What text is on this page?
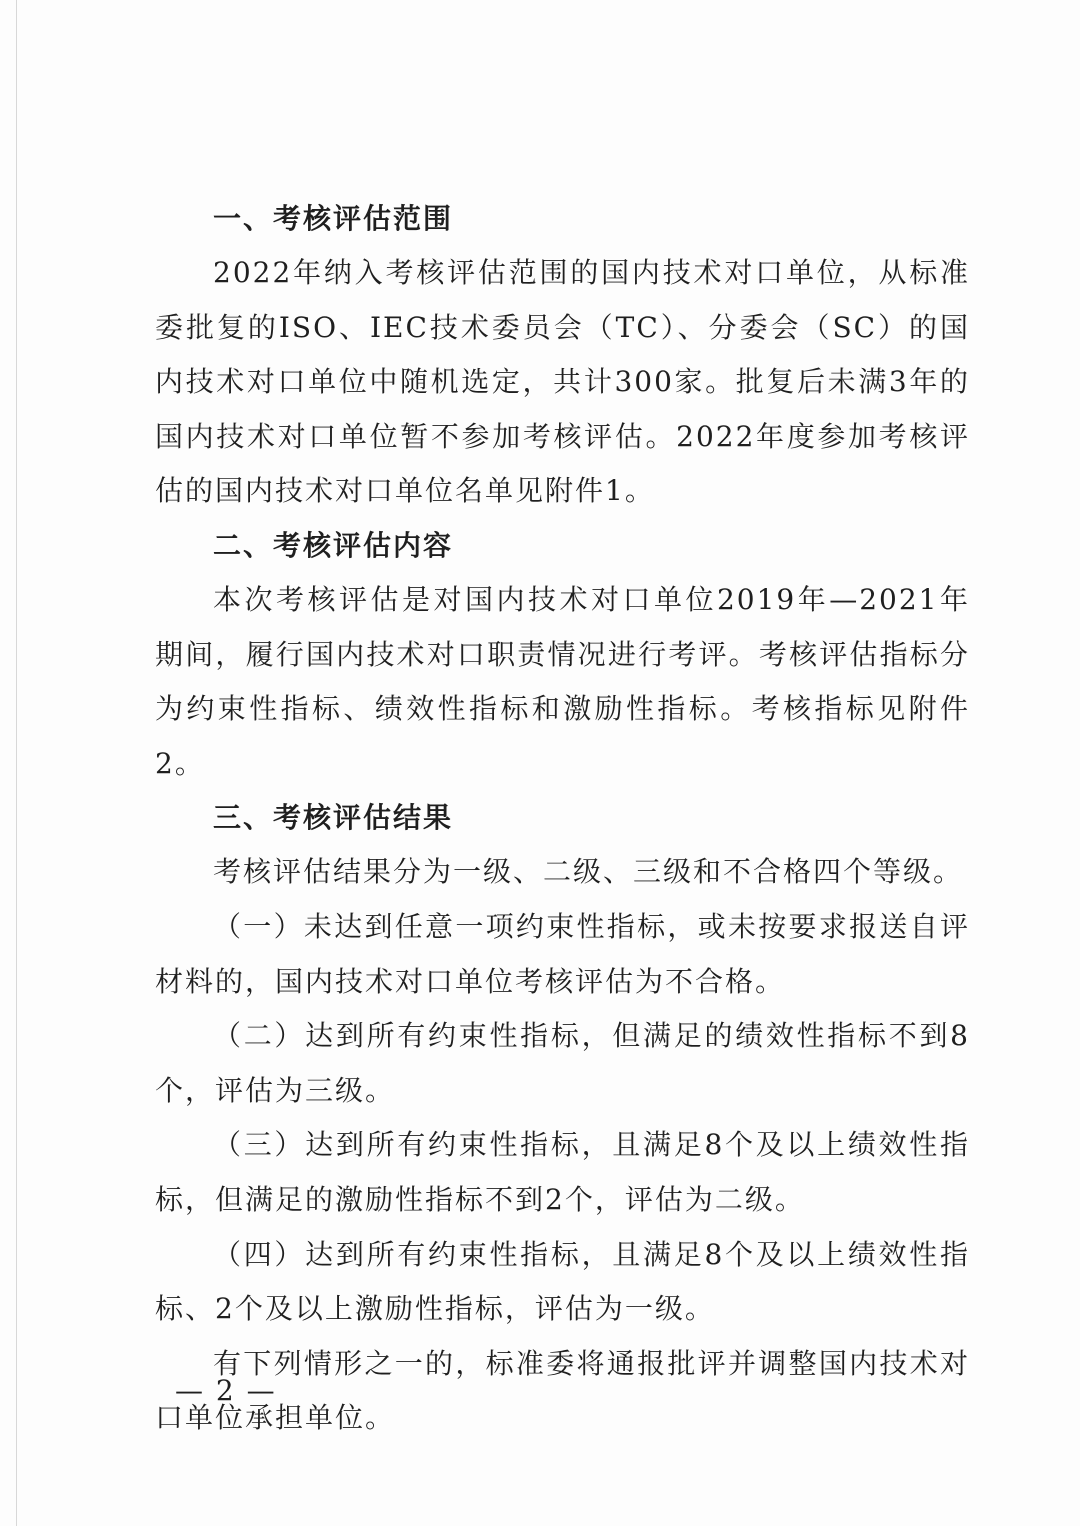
一、考核评估范围

2022年纳入考核评估范围的国内技术对口单位，从标准委批复的ISO、IEC技术委员会（TC）、分委会（SC）的国内技术对口单位中随机选定，共计300家。批复后未满3年的国内技术对口单位暂不参加考核评估。2022年度参加考核评估的国内技术对口单位名单见附件1。

二、考核评估内容

本次考核评估是对国内技术对口单位2019年—2021年期间，履行国内技术对口职责情况进行考评。考核评估指标分为约束性指标、绩效性指标和激励性指标。考核指标见附件2。

三、考核评估结果

考核评估结果分为一级、二级、三级和不合格四个等级。

（一）未达到任意一项约束性指标，或未按要求报送自评材料的，国内技术对口单位考核评估为不合格。

（二）达到所有约束性指标，但满足的绩效性指标不到8个，评估为三级。

（三）达到所有约束性指标，且满足8个及以上绩效性指标，但满足的激励性指标不到2个，评估为二级。

（四）达到所有约束性指标，且满足8个及以上绩效性指标、2个及以上激励性指标，评估为一级。

有下列情形之一的，标准委将通报批评并调整国内技术对口单位承担单位。

— 2 —
